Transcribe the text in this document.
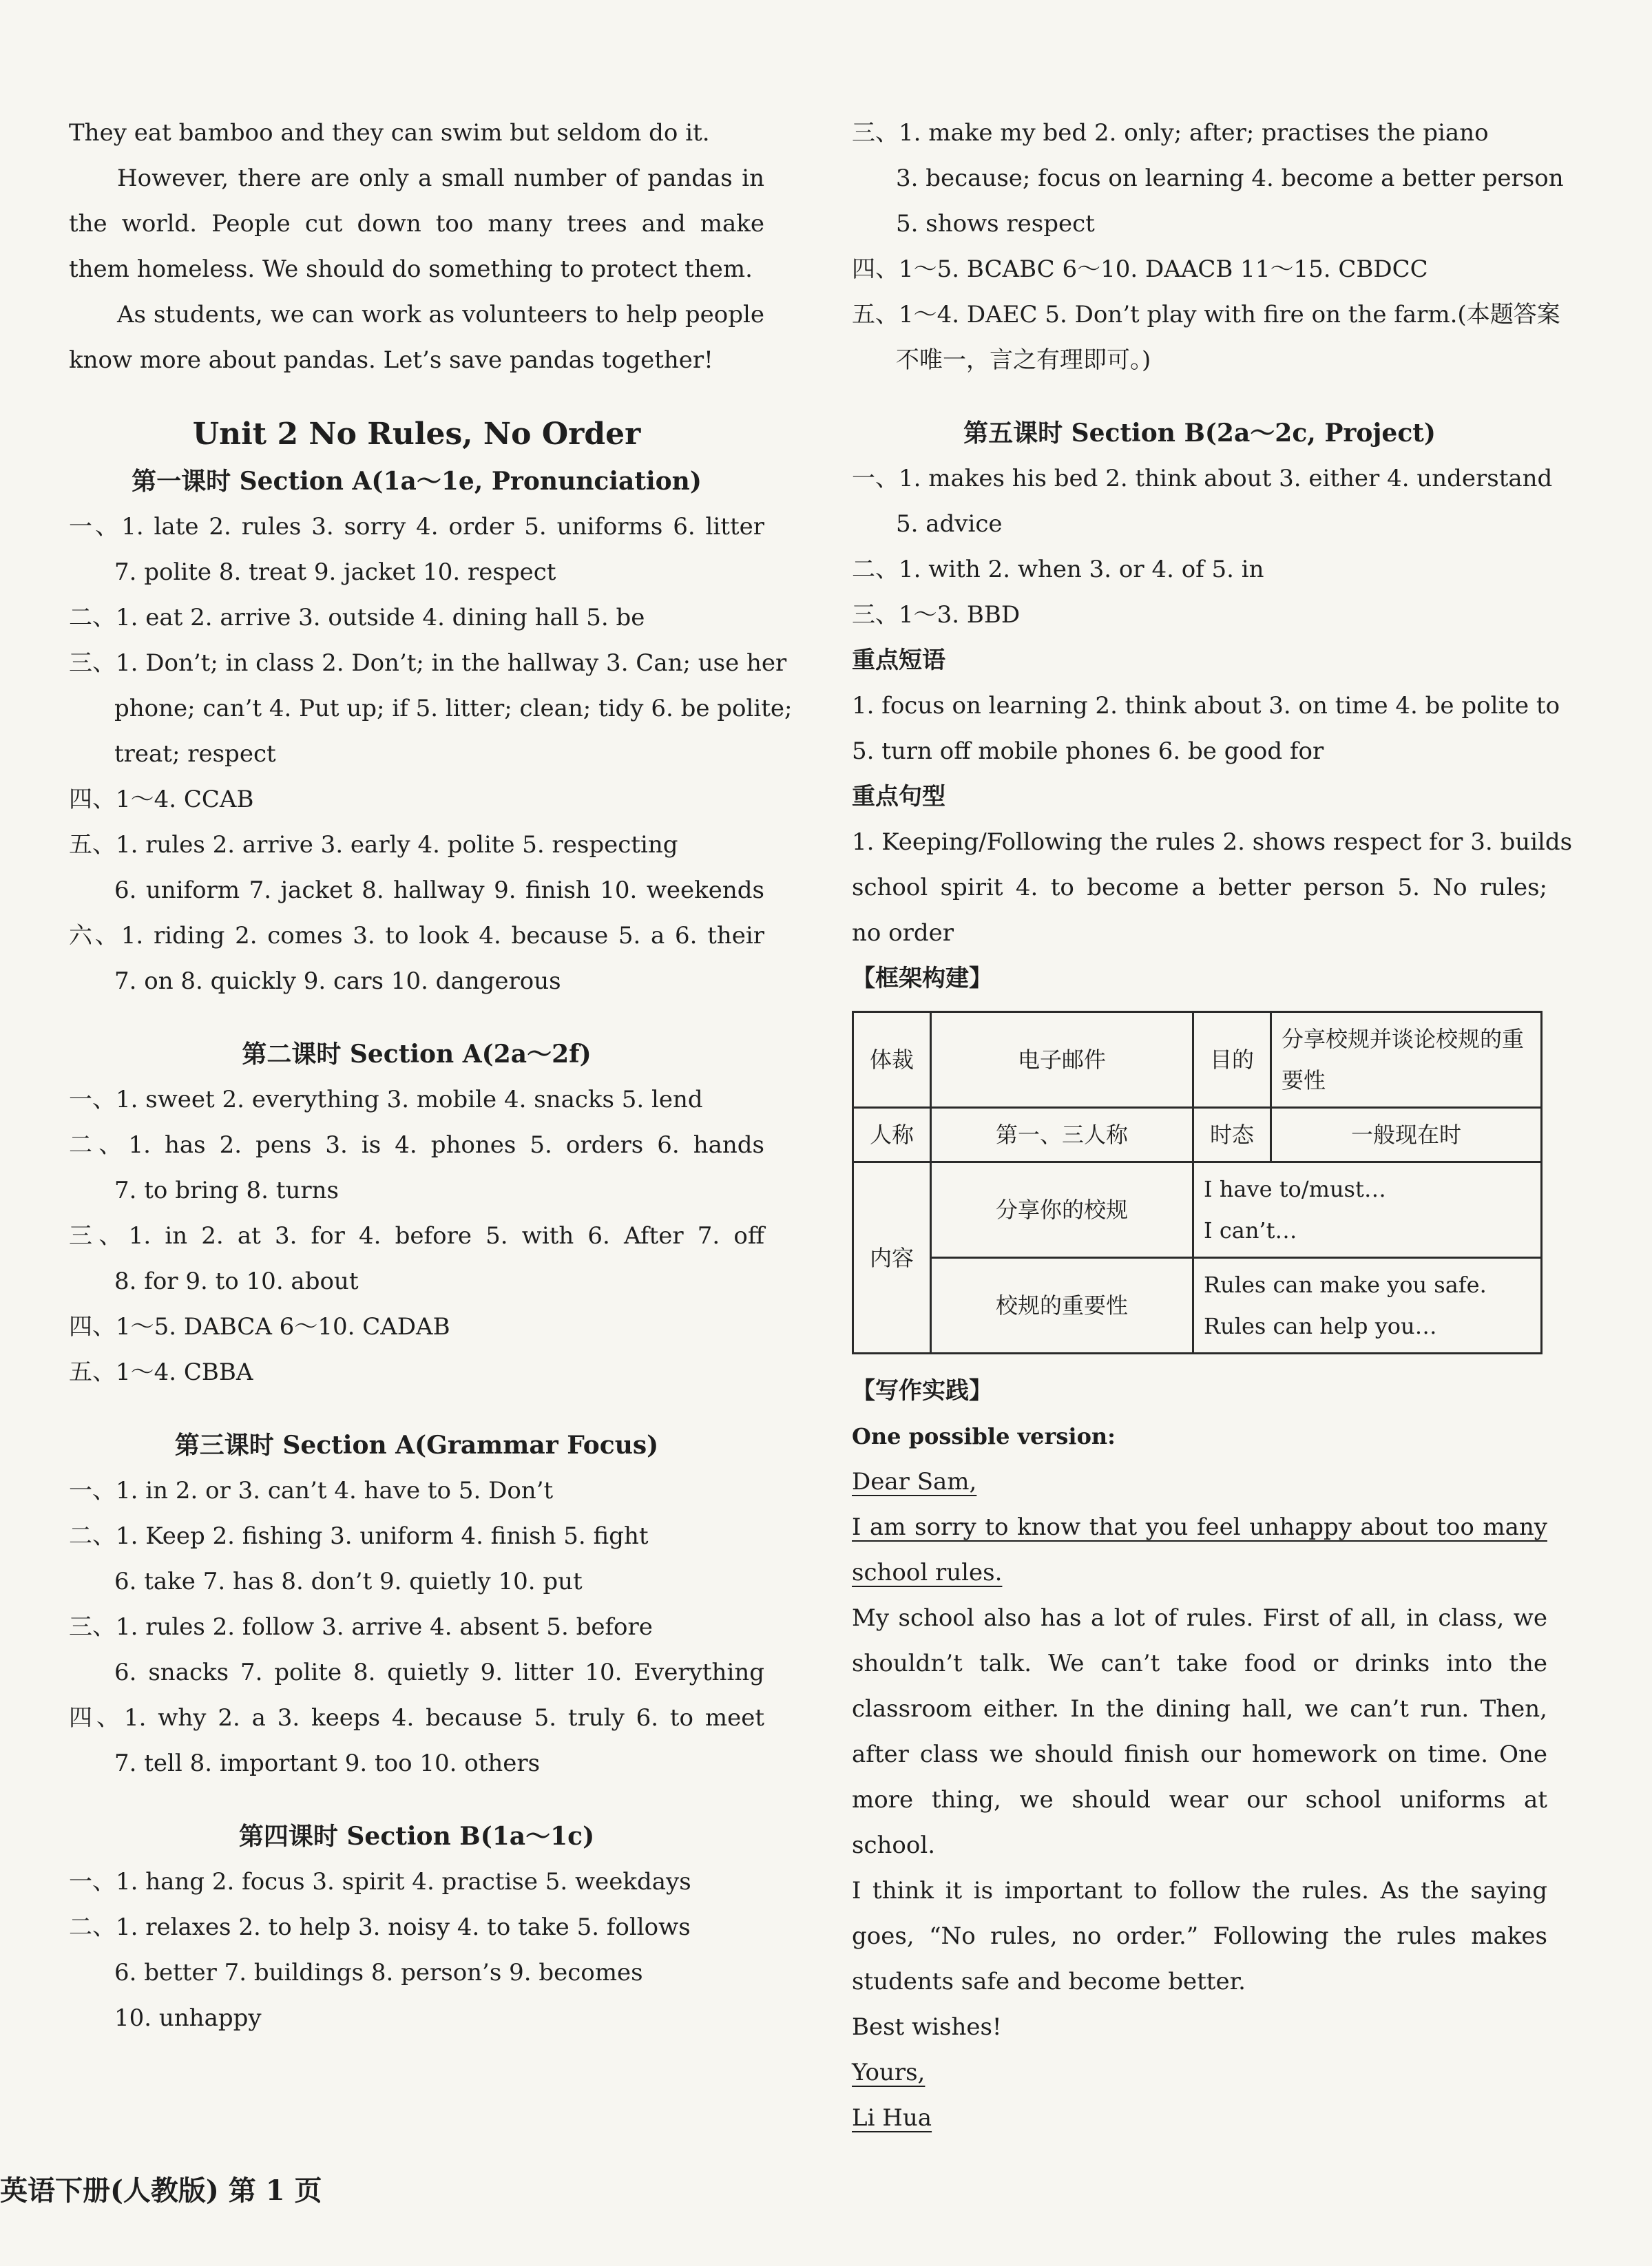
They eat bamboo and they can swim but seldom do it.
However, there are only a small number of pandas in the world. People cut down too many trees and make them homeless. We should do something to protect them.
As students, we can work as volunteers to help people know more about pandas. Let’s save pandas together!
Unit 2 No Rules, No Order
第一课时 Section A(1a～1e, Pronunciation)
一、1. late 2. rules 3. sorry 4. order 5. uniforms 6. litter
7. polite 8. treat 9. jacket 10. respect
二、1. eat 2. arrive 3. outside 4. dining hall 5. be
三、1. Don’t; in class 2. Don’t; in the hallway 3. Can; use her
phone; can’t 4. Put up; if 5. litter; clean; tidy 6. be polite;
treat; respect
四、1～4. CCAB
五、1. rules 2. arrive 3. early 4. polite 5. respecting
6. uniform 7. jacket 8. hallway 9. finish 10. weekends
六、1. riding 2. comes 3. to look 4. because 5. a 6. their
7. on 8. quickly 9. cars 10. dangerous
第二课时 Section A(2a～2f)
一、1. sweet 2. everything 3. mobile 4. snacks 5. lend
二、1. has 2. pens 3. is 4. phones 5. orders 6. hands
7. to bring 8. turns
三、1. in 2. at 3. for 4. before 5. with 6. After 7. off
8. for 9. to 10. about
四、1～5. DABCA 6～10. CADAB
五、1～4. CBBA
第三课时 Section A(Grammar Focus)
一、1. in 2. or 3. can’t 4. have to 5. Don’t
二、1. Keep 2. fishing 3. uniform 4. finish 5. fight
6. take 7. has 8. don’t 9. quietly 10. put
三、1. rules 2. follow 3. arrive 4. absent 5. before
6. snacks 7. polite 8. quietly 9. litter 10. Everything
四、1. why 2. a 3. keeps 4. because 5. truly 6. to meet
7. tell 8. important 9. too 10. others
第四课时 Section B(1a～1c)
一、1. hang 2. focus 3. spirit 4. practise 5. weekdays
二、1. relaxes 2. to help 3. noisy 4. to take 5. follows
6. better 7. buildings 8. person’s 9. becomes
10. unhappy
三、1. make my bed 2. only; after; practises the piano
3. because; focus on learning 4. become a better person
5. shows respect
四、1～5. BCABC 6～10. DAACB 11～15. CBDCC
五、1～4. DAEC 5. Don’t play with fire on the farm.(本题答案
不唯一，言之有理即可。)
第五课时 Section B(2a～2c, Project)
一、1. makes his bed 2. think about 3. either 4. understand
5. advice
二、1. with 2. when 3. or 4. of 5. in
三、1～3. BBD
重点短语
1. focus on learning 2. think about 3. on time 4. be polite to
5. turn off mobile phones 6. be good for
重点句型
1. Keeping/Following the rules 2. shows respect for 3. builds
school spirit 4. to become a better person 5. No rules;
no order
【框架构建】
体裁	电子邮件	目的	分享校规并谈论校规的重要性
人称	第一、三人称	时态	一般现在时
内容	分享你的校规	I have to/must…
I can’t…	

	校规的重要性	Rules can make you safe.
Rules can help you…	
【写作实践】
One possible version:
Dear Sam,
I am sorry to know that you feel unhappy about too many school rules.
My school also has a lot of rules. First of all, in class, we shouldn’t talk. We can’t take food or drinks into the classroom either. In the dining hall, we can’t run. Then, after class we should finish our homework on time. One more thing, we should wear our school uniforms at school.
I think it is important to follow the rules. As the saying goes, “No rules, no order.” Following the rules makes students safe and become better.
Best wishes!
Yours,
Li Hua
英语下册(人教版) 第 1 页
